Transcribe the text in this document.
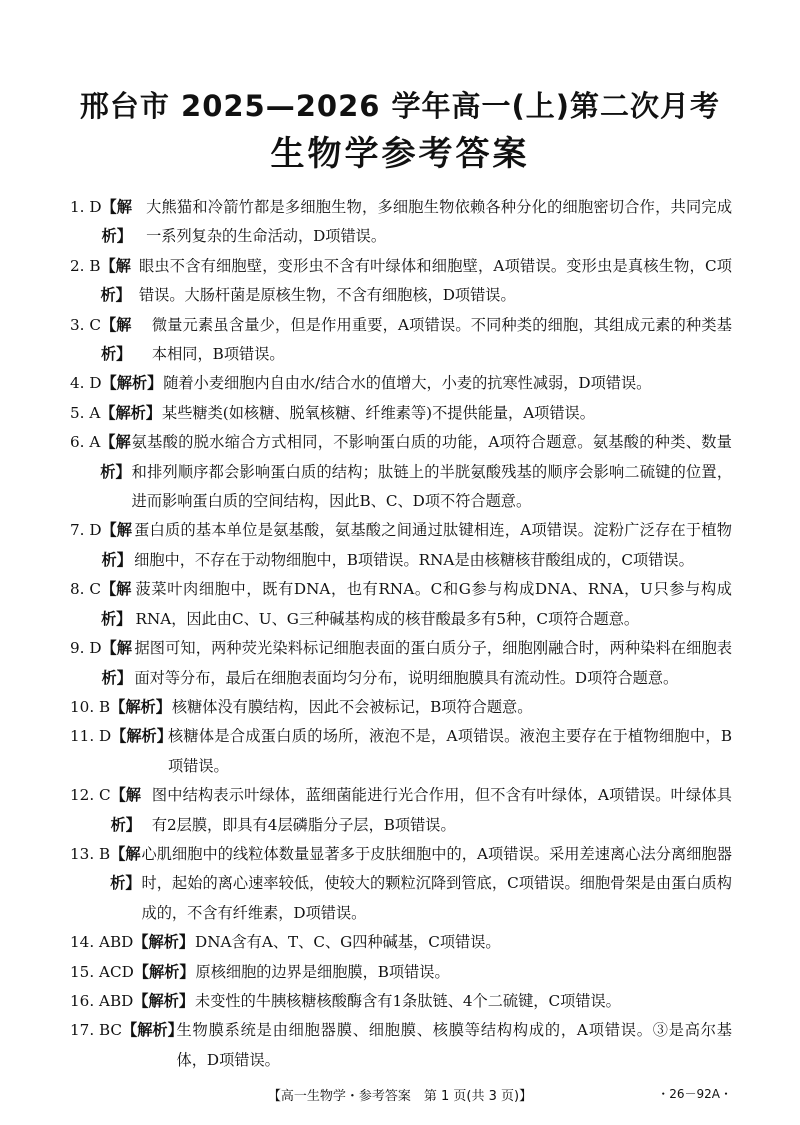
邢台市 2025—2026 学年高一(上)第二次月考
生物学参考答案
1. D 【解析】
大熊猫和冷箭竹都是多细胞生物，多细胞生物依赖各种分化的细胞密切合作，共同完成一系列复杂的生命活动，D项错误。
2. B 【解析】
眼虫不含有细胞壁，变形虫不含有叶绿体和细胞壁，A项错误。变形虫是真核生物，C项错误。大肠杆菌是原核生物，不含有细胞核，D项错误。
3. C 【解析】
微量元素虽含量少，但是作用重要，A项错误。不同种类的细胞，其组成元素的种类基本相同，B项错误。
4. D 【解析】 随着小麦细胞内自由水/结合水的值增大，小麦的抗寒性减弱，D项错误。
5. A 【解析】 某些糖类(如核糖、脱氧核糖、纤维素等)不提供能量，A项错误。
6. A 【解析】
氨基酸的脱水缩合方式相同，不影响蛋白质的功能，A项符合题意。氨基酸的种类、数量和排列顺序都会影响蛋白质的结构；肽链上的半胱氨酸残基的顺序会影响二硫键的位置，进而影响蛋白质的空间结构，因此B、C、D项不符合题意。
7. D 【解析】
蛋白质的基本单位是氨基酸，氨基酸之间通过肽键相连，A项错误。淀粉广泛存在于植物细胞中，不存在于动物细胞中，B项错误。RNA是由核糖核苷酸组成的，C项错误。
8. C 【解析】
菠菜叶肉细胞中，既有DNA，也有RNA。C和G参与构成DNA、RNA，U只参与构成RNA，因此由C、U、G三种碱基构成的核苷酸最多有5种，C项符合题意。
9. D 【解析】
据图可知，两种荧光染料标记细胞表面的蛋白质分子，细胞刚融合时，两种染料在细胞表面对等分布，最后在细胞表面均匀分布，说明细胞膜具有流动性。D项符合题意。
10. B 【解析】 核糖体没有膜结构，因此不会被标记，B项符合题意。
11. D 【解析】
核糖体是合成蛋白质的场所，液泡不是，A项错误。液泡主要存在于植物细胞中，B项错误。
12. C 【解析】
图中结构表示叶绿体，蓝细菌能进行光合作用，但不含有叶绿体，A项错误。叶绿体具有2层膜，即具有4层磷脂分子层，B项错误。
13. B 【解析】
心肌细胞中的线粒体数量显著多于皮肤细胞中的，A项错误。采用差速离心法分离细胞器时，起始的离心速率较低，使较大的颗粒沉降到管底，C项错误。细胞骨架是由蛋白质构成的，不含有纤维素，D项错误。
14. ABD 【解析】 DNA含有A、T、C、G四种碱基，C项错误。
15. ACD 【解析】 原核细胞的边界是细胞膜，B项错误。
16. ABD 【解析】 未变性的牛胰核糖核酸酶含有1条肽链、4个二硫键，C项错误。
17. BC 【解析】
生物膜系统是由细胞器膜、细胞膜、核膜等结构构成的，A项错误。③是高尔基体，D项错误。
【高一生物学・参考答案　第 1 页(共 3 页)】	・26－92A・
